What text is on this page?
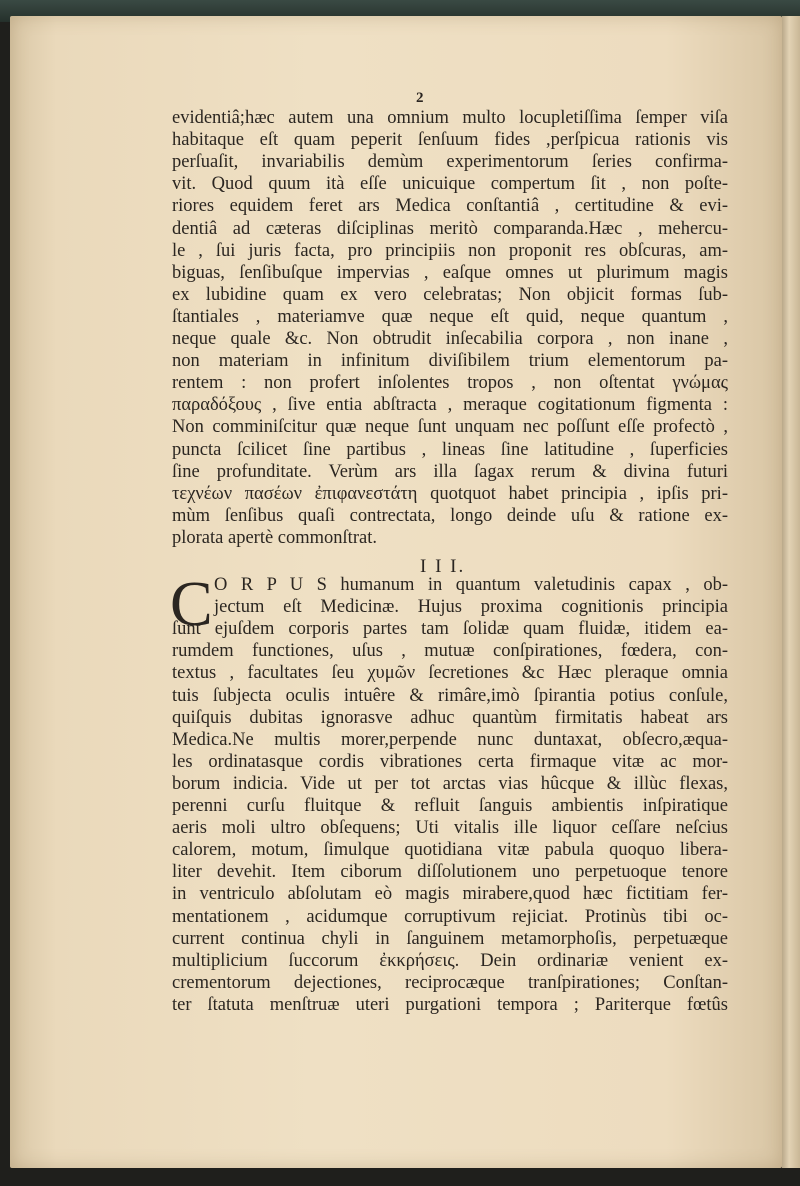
2
evidentiâ;hæc autem una omnium multo locupletiſſima ſemper viſa
habitaque eſt quam peperit ſenſuum fides ,perſpicua rationis vis
perſuaſit, invariabilis demùm experimentorum ſeries confirma-
vit. Quod quum ità eſſe unicuique compertum ſit , non poſte-
riores equidem feret ars Medica conſtantiâ , certitudine & evi-
dentiâ ad cæteras diſciplinas meritò comparanda.Hæc , mehercu-
le , ſui juris facta, pro principiis non proponit res obſcuras, am-
biguas, ſenſibuſque impervias , eaſque omnes ut plurimum magis
ex lubidine quam ex vero celebratas; Non objicit formas ſub-
ſtantiales , materiamve quæ neque eſt quid, neque quantum ,
neque quale &c. Non obtrudit inſecabilia corpora , non inane ,
non materiam in infinitum diviſibilem trium elementorum pa-
rentem : non profert inſolentes tropos , non oſtentat γνώμας
παραδόξους , ſive entia abſtracta , meraque cogitationum figmenta :
Non comminiſcitur quæ neque ſunt unquam nec poſſunt eſſe profectò ,
puncta ſcilicet ſine partibus , lineas ſine latitudine , ſuperficies
ſine profunditate. Verùm ars illa ſagax rerum & divina futuri
τεχνέων πασέων ἐπιφανεστάτη quotquot habet principia , ipſis pri-
mùm ſenſibus quaſi contrectata, longo deinde uſu & ratione ex-
plorata apertè commonſtrat.
I I I.
C O R P U S humanum in quantum valetudinis capax , ob-
jectum eſt Medicinæ. Hujus proxima cognitionis principia
ſunt ejuſdem corporis partes tam ſolidæ quam fluidæ, itidem ea-
rumdem functiones, uſus , mutuæ conſpirationes, fœdera, con-
textus , facultates ſeu χυμῶν ſecretiones &c Hæc pleraque omnia
tuis ſubjecta oculis intuêre & rimâre,imò ſpirantia potius conſule,
quiſquis dubitas ignorasve adhuc quantùm firmitatis habeat ars
Medica.Ne multis morer,perpende nunc duntaxat, obſecro,æqua-
les ordinatasque cordis vibrationes certa firmaque vitæ ac mor-
borum indicia. Vide ut per tot arctas vias hûcque & illùc flexas,
perenni curſu fluitque & refluit ſanguis ambientis inſpiratique
aeris moli ultro obſequens; Uti vitalis ille liquor ceſſare neſcius
calorem, motum, ſimulque quotidiana vitæ pabula quoquo libera-
liter devehit. Item ciborum diſſolutionem uno perpetuoque tenore
in ventriculo abſolutam eò magis mirabere,quod hæc fictitiam fer-
mentationem , acidumque corruptivum rejiciat. Protinùs tibi oc-
current continua chyli in ſanguinem metamorphoſis, perpetuæque
multiplicium ſuccorum ἐκκρήσεις. Dein ordinariæ venient ex-
crementorum dejectiones, reciprocæque tranſpirationes; Conſtan-
ter ſtatuta menſtruæ uteri purgationi tempora ; Pariterque fœtûs
